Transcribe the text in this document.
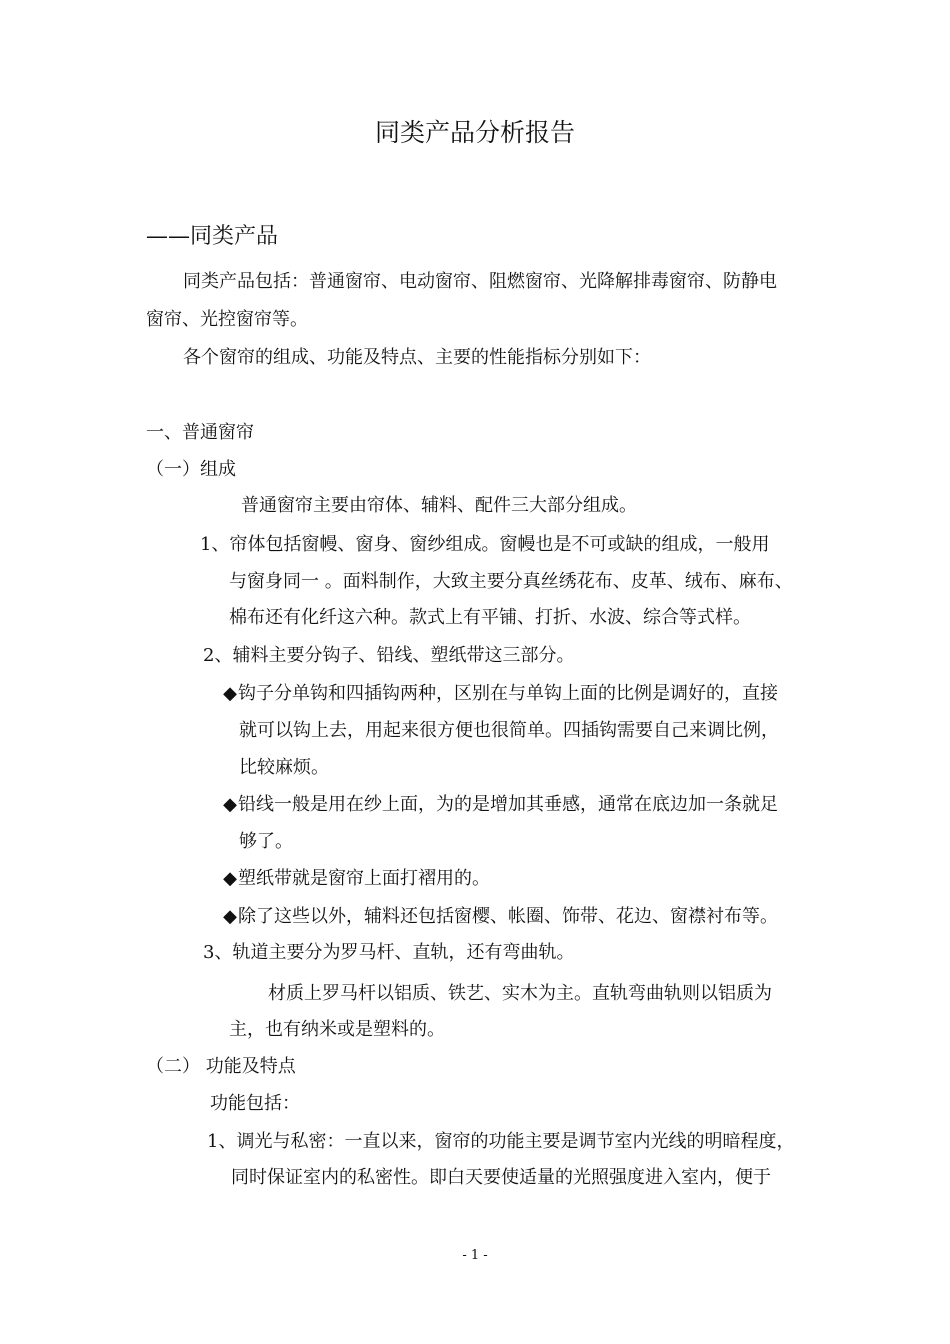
同类产品分析报告
——同类产品
同类产品包括：普通窗帘、电动窗帘、阻燃窗帘、光降解排毒窗帘、防静电
窗帘、光控窗帘等。
各个窗帘的组成、功能及特点、主要的性能指标分别如下：
一、普通窗帘
（一）组成
普通窗帘主要由帘体、辅料、配件三大部分组成。
1、帘体包括窗幔、窗身、窗纱组成。窗幔也是不可或缺的组成，一般用
与窗身同一 。面料制作，大致主要分真丝绣花布、皮革、绒布、麻布、
棉布还有化纤这六种。款式上有平铺、打折、水波、综合等式样。
2、辅料主要分钩子、铅线、塑纸带这三部分。
◆钩子分单钩和四插钩两种，区别在与单钩上面的比例是调好的，直接
就可以钩上去，用起来很方便也很简单。四插钩需要自己来调比例，
比较麻烦。
◆铅线一般是用在纱上面，为的是增加其垂感，通常在底边加一条就足
够了。
◆塑纸带就是窗帘上面打褶用的。
◆除了这些以外，辅料还包括窗樱、帐圈、饰带、花边、窗襟衬布等。
3、轨道主要分为罗马杆、直轨，还有弯曲轨。
材质上罗马杆以铝质、铁艺、实木为主。直轨弯曲轨则以铝质为
主，也有纳米或是塑料的。
（二） 功能及特点
功能包括：
1、调光与私密：一直以来，窗帘的功能主要是调节室内光线的明暗程度，
同时保证室内的私密性。即白天要使适量的光照强度进入室内，便于
- 1 -
